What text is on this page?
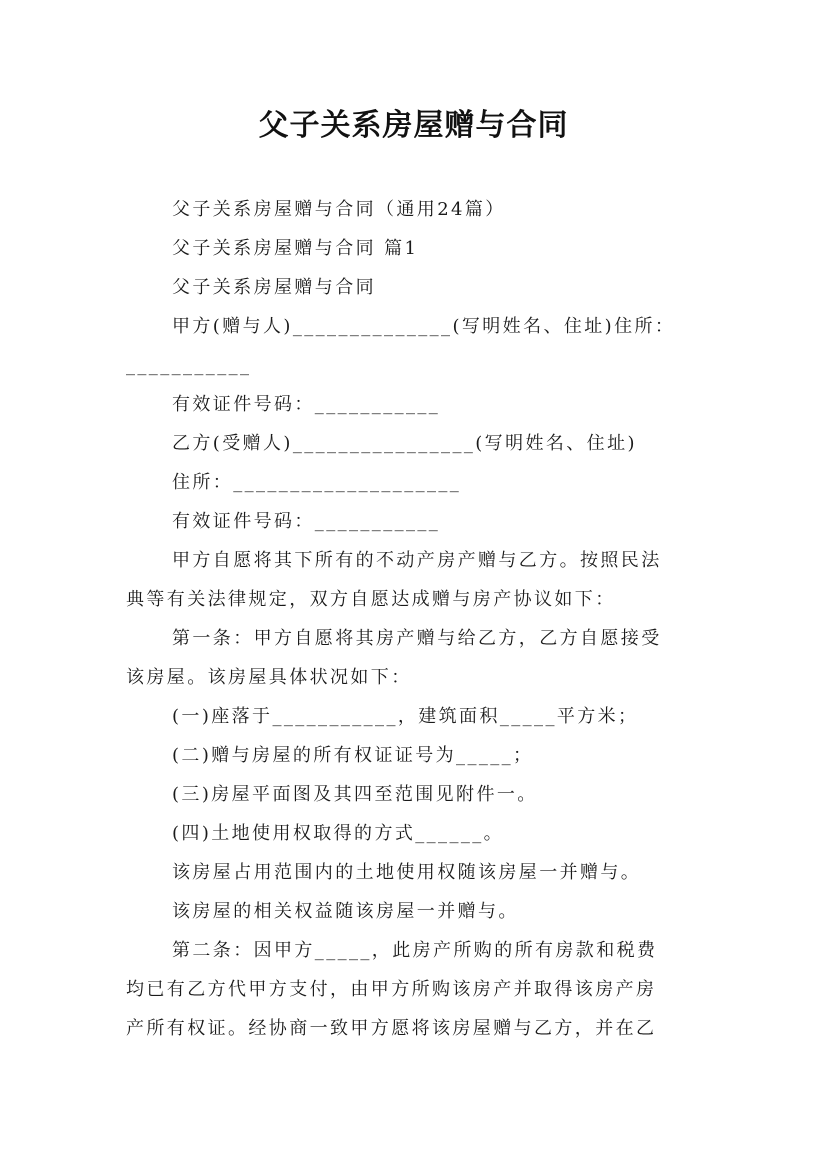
父子关系房屋赠与合同
父子关系房屋赠与合同（通用24篇）
父子关系房屋赠与合同 篇1
父子关系房屋赠与合同
甲方(赠与人)______________(写明姓名、住址)住所：
___________
有效证件号码：___________
乙方(受赠人)________________(写明姓名、住址)
住所：____________________
有效证件号码：___________
甲方自愿将其下所有的不动产房产赠与乙方。按照民法
典等有关法律规定，双方自愿达成赠与房产协议如下：
第一条：甲方自愿将其房产赠与给乙方，乙方自愿接受
该房屋。该房屋具体状况如下：
(一)座落于___________，建筑面积_____平方米；
(二)赠与房屋的所有权证证号为_____；
(三)房屋平面图及其四至范围见附件一。
(四)土地使用权取得的方式______。
该房屋占用范围内的土地使用权随该房屋一并赠与。
该房屋的相关权益随该房屋一并赠与。
第二条：因甲方_____，此房产所购的所有房款和税费
均已有乙方代甲方支付，由甲方所购该房产并取得该房产房
产所有权证。经协商一致甲方愿将该房屋赠与乙方，并在乙
